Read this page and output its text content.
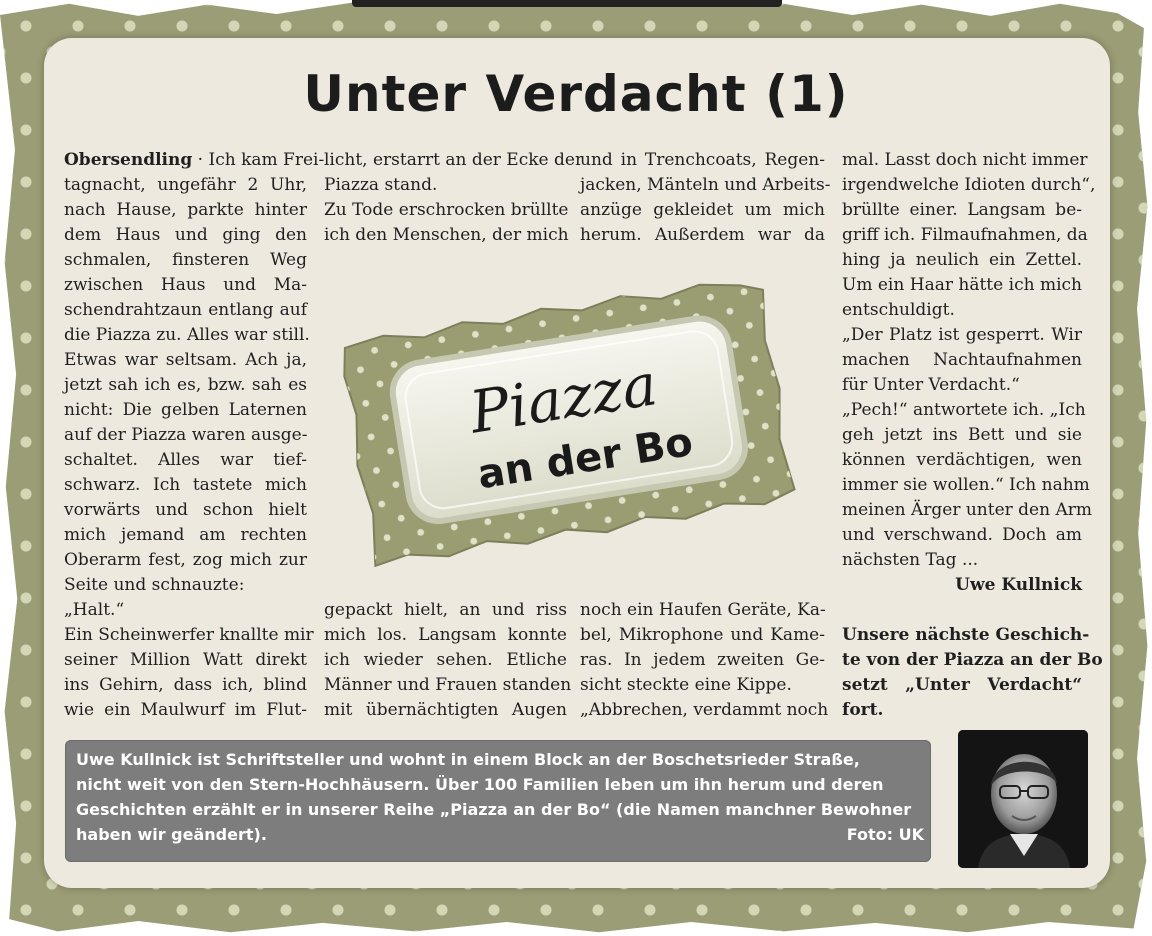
Unter Verdacht (1)
Obersendling · Ich kam Frei-
tagnacht, ungefähr 2 Uhr,
nach Hause, parkte hinter
dem Haus und ging den
schmalen, finsteren Weg
zwischen Haus und Ma-
schendrahtzaun entlang auf
die Piazza zu. Alles war still.
Etwas war seltsam. Ach ja,
jetzt sah ich es, bzw. sah es
nicht: Die gelben Laternen
auf der Piazza waren ausge-
schaltet. Alles war tief-
schwarz. Ich tastete mich
vorwärts und schon hielt
mich jemand am rechten
Oberarm fest, zog mich zur
Seite und schnauzte:
„Halt.“
Ein Scheinwerfer knallte mir
seiner Million Watt direkt
ins Gehirn, dass ich, blind
wie ein Maulwurf im Flut-
licht, erstarrt an der Ecke der
Piazza stand.
Zu Tode erschrocken brüllte
ich den Menschen, der mich
und in Trenchcoats, Regen-
jacken, Mänteln und Arbeits-
anzüge gekleidet um mich
herum. Außerdem war da
mal. Lasst doch nicht immer
irgendwelche Idioten durch“,
brüllte einer. Langsam be-
griff ich. Filmaufnahmen, da
hing ja neulich ein Zettel.
Um ein Haar hätte ich mich
entschuldigt.
„Der Platz ist gesperrt. Wir
machen Nachtaufnahmen
für Unter Verdacht.“
„Pech!“ antwortete ich. „Ich
geh jetzt ins Bett und sie
können verdächtigen, wen
immer sie wollen.“ Ich nahm
meinen Ärger unter den Arm
und verschwand. Doch am
nächsten Tag ...
Uwe Kullnick
Piazza
an der Bo
gepackt hielt, an und riss
mich los. Langsam konnte
ich wieder sehen. Etliche
Männer und Frauen standen
mit übernächtigten Augen
noch ein Haufen Geräte, Ka-
bel, Mikrophone und Kame-
ras. In jedem zweiten Ge-
sicht steckte eine Kippe.
„Abbrechen, verdammt noch
Unsere nächste Geschich-
te von der Piazza an der Bo
setzt „Unter Verdacht“
fort.
Uwe Kullnick ist Schriftsteller und wohnt in einem Block an der Boschetsrieder Straße,
nicht weit von den Stern-Hochhäusern. Über 100 Familien leben um ihn herum und deren
Geschichten erzählt er in unserer Reihe „Piazza an der Bo“ (die Namen manchner Bewohner
haben wir geändert).	Foto: UK
